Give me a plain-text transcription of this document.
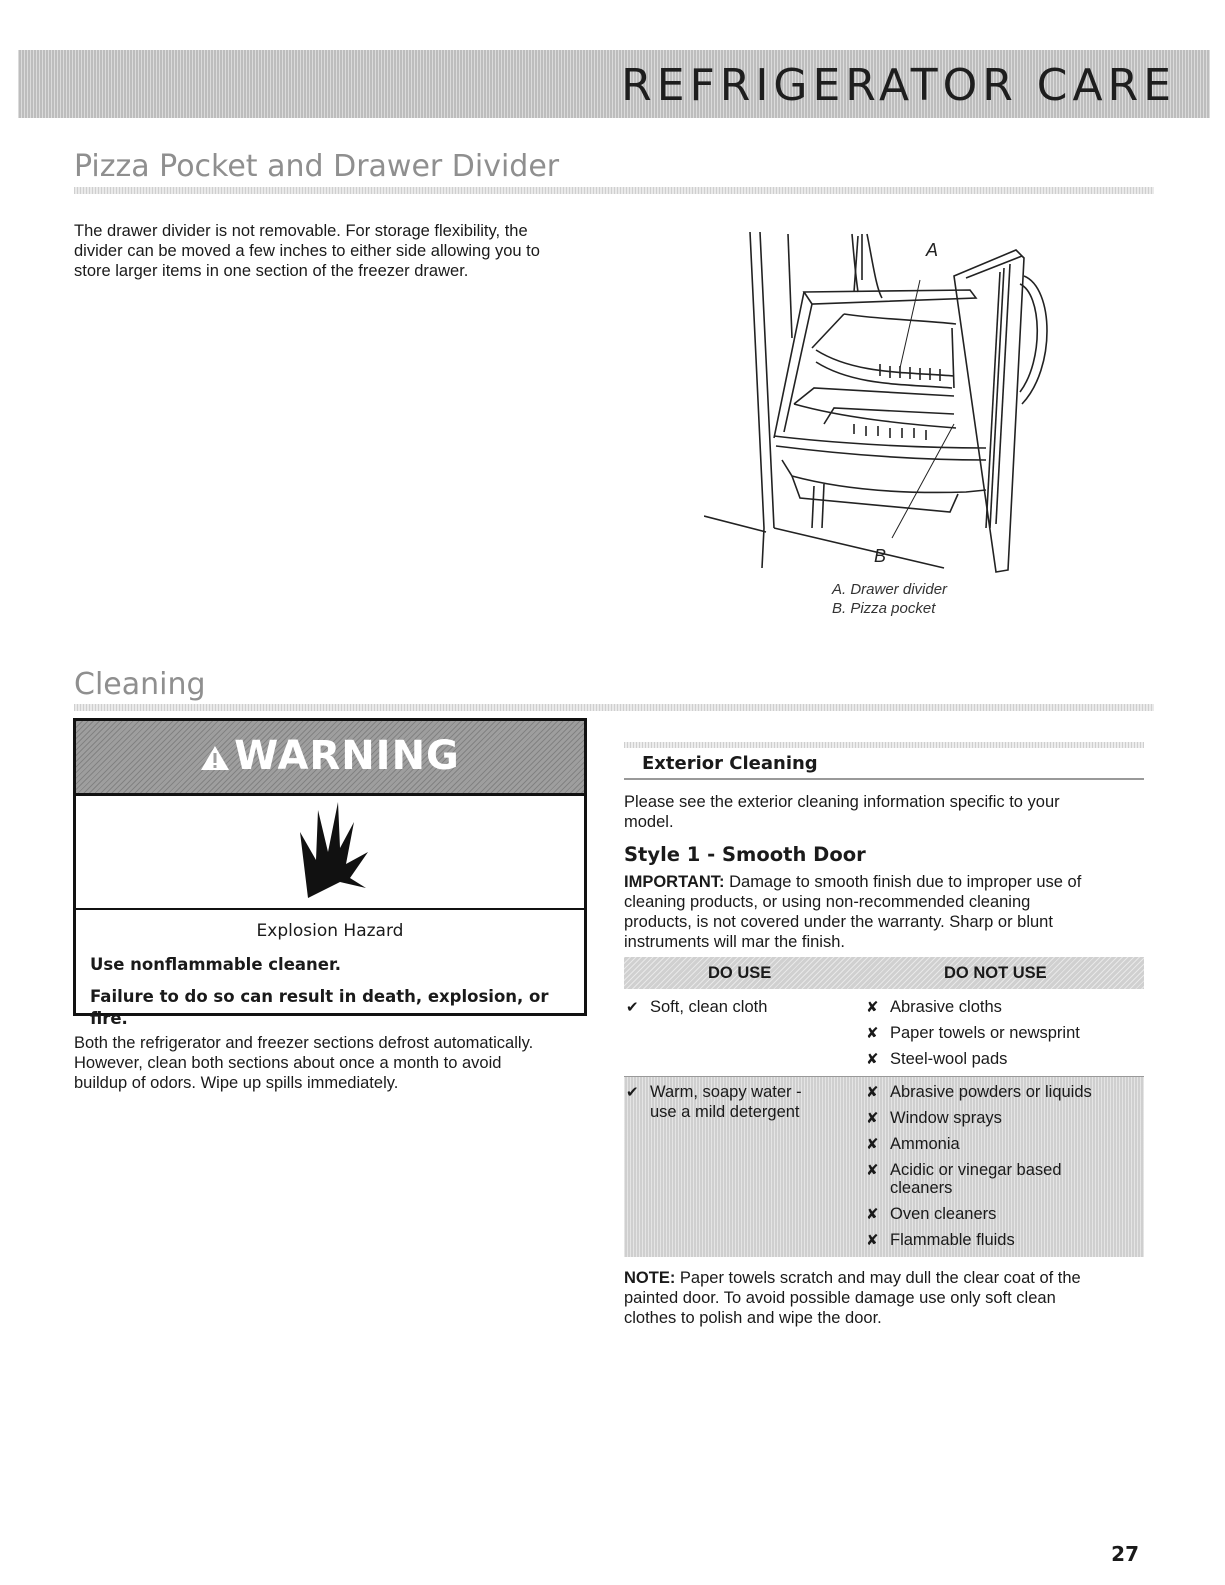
REFRIGERATOR CARE
Pizza Pocket and Drawer Divider
The drawer divider is not removable. For storage flexibility, the
divider can be moved a few inches to either side allowing you to
store larger items in one section of the freezer drawer.
A
B
A. Drawer divider
B. Pizza pocket
Cleaning
WARNING
Explosion Hazard
Use nonflammable cleaner.
Failure to do so can result in death, explosion, or fire.
Both the refrigerator and freezer sections defrost automatically.
However, clean both sections about once a month to avoid
buildup of odors. Wipe up spills immediately.
Exterior Cleaning
Please see the exterior cleaning information specific to your
model.
Style 1 - Smooth Door
IMPORTANT: Damage to smooth finish due to improper use of
cleaning products, or using non-recommended cleaning
products, is not covered under the warranty. Sharp or blunt
instruments will mar the finish.
DO USE	DO NOT USE
✔ Soft, clean cloth	✘ Abrasive cloths
✘ Paper towels or newsprint
✘ Steel-wool pads
✔ Warm, soapy water -
use a mild detergent
✘ Abrasive powders or liquids
✘ Window sprays
✘ Ammonia
✘ Acidic or vinegar based
cleaners
✘ Oven cleaners
✘ Flammable fluids
NOTE: Paper towels scratch and may dull the clear coat of the
painted door. To avoid possible damage use only soft clean
clothes to polish and wipe the door.
27
